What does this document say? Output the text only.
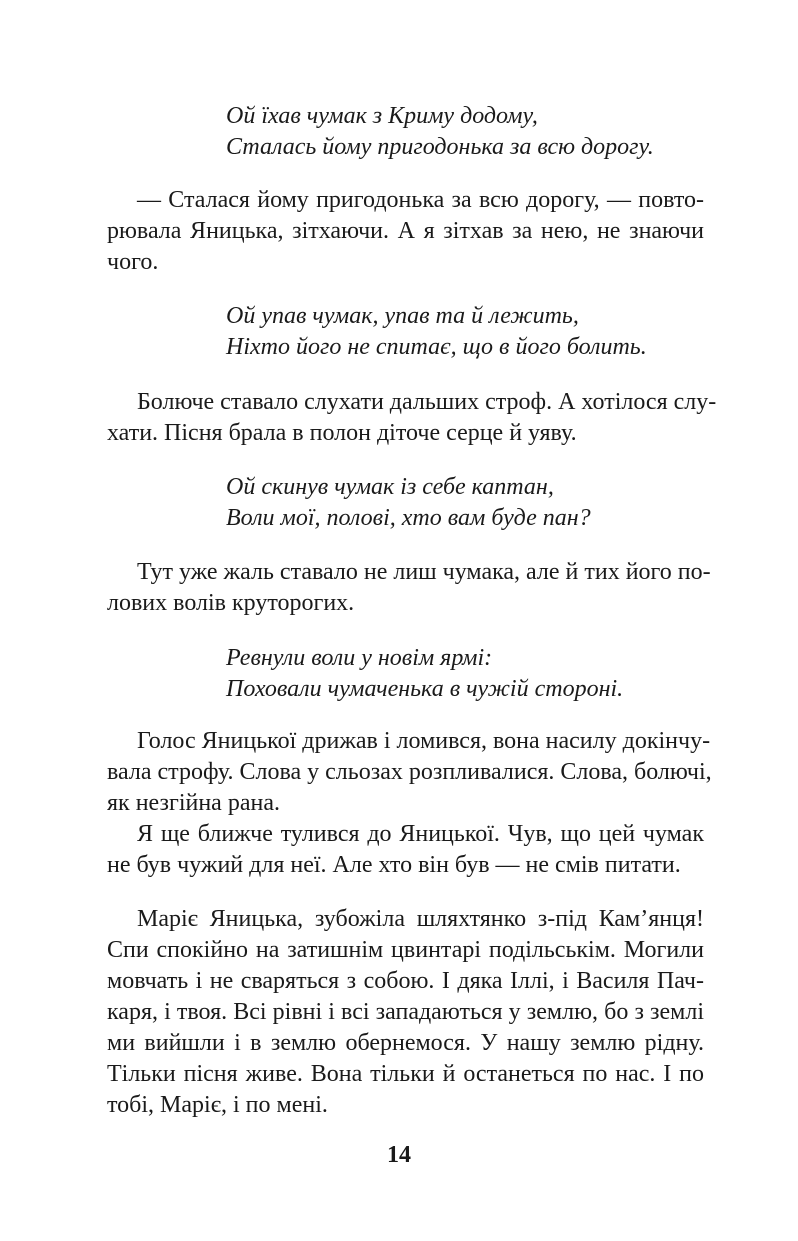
Ой їхав чумак з Криму додому,
Сталась йому пригодонька за всю дорогу.
— Сталася йому пригодонька за всю дорогу, — повто-
рювала Яницька, зітхаючи. А я зітхав за нею, не знаючи
чого.
Ой упав чумак, упав та й лежить,
Ніхто його не спитає, що в його болить.
Болюче ставало слухати дальших строф. А хотілося слу-
хати. Пісня брала в полон діточе серце й уяву.
Ой скинув чумак із себе каптан,
Воли мої, полові, хто вам буде пан?
Тут уже жаль ставало не лиш чумака, але й тих його по-
лових волів круторогих.
Ревнули воли у новім ярмі:
Поховали чумаченька в чужій стороні.
Голос Яницької дрижав і ломився, вона насилу докінчу-
вала строфу. Слова у сльозах розпливалися. Слова, болючі,
як незгійна рана.
Я ще ближче тулився до Яницької. Чув, що цей чумак
не був чужий для неї. Але хто він був — не смів питати.
Маріє Яницька, зубожіла шляхтянко з-під Кам’янця!
Спи спокійно на затишнім цвинтарі подільськім. Могили
мовчать і не сваряться з собою. І дяка Іллі, і Василя Пач-
каря, і твоя. Всі рівні і всі западаються у землю, бо з землі
ми вийшли і в землю обернемося. У нашу землю рідну.
Тільки пісня живе. Вона тільки й останеться по нас. І по
тобі, Маріє, і по мені.
14
